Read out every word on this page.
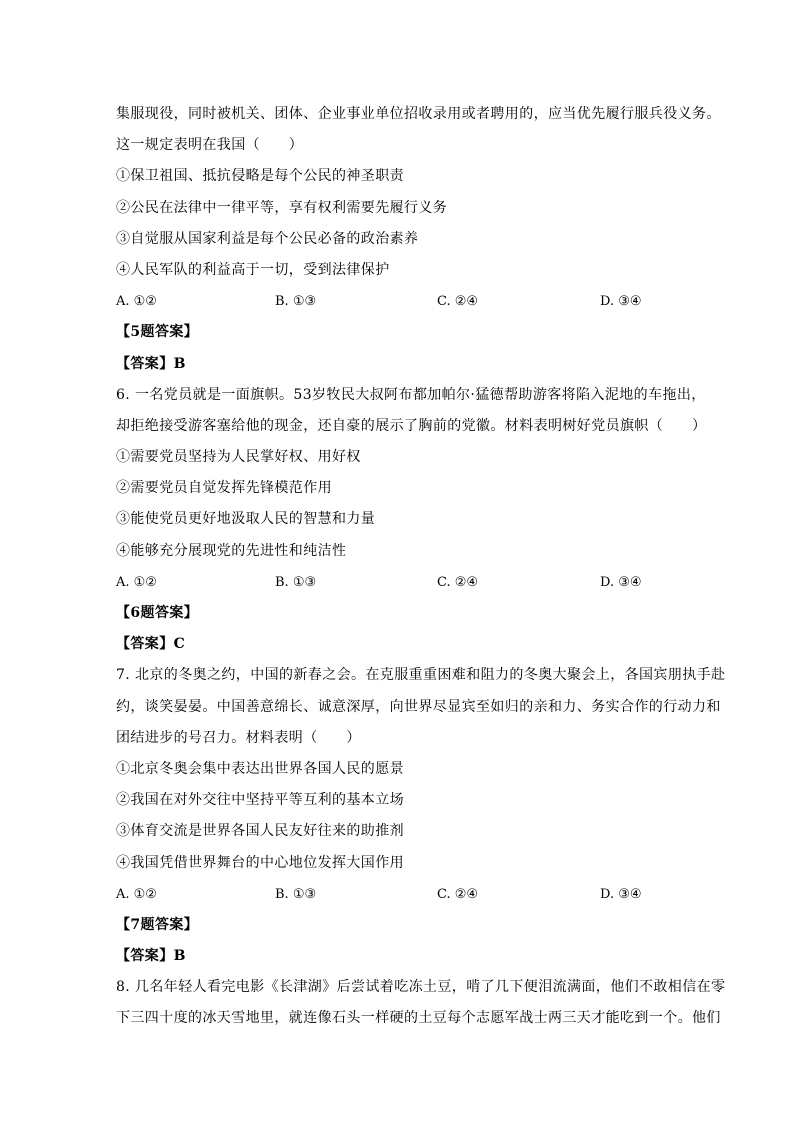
集服现役，同时被机关、团体、企业事业单位招收录用或者聘用的，应当优先履行服兵役义务。
这一规定表明在我国（　　）
①保卫祖国、抵抗侵略是每个公民的神圣职责
②公民在法律中一律平等，享有权利需要先履行义务
③自觉服从国家利益是每个公民必备的政治素养
④人民军队的利益高于一切，受到法律保护
A. ①②	B. ①③	C. ②④	D. ③④
【5题答案】
【答案】B
6. 一名党员就是一面旗帜。53岁牧民大叔阿布都加帕尔·猛德帮助游客将陷入泥地的车拖出，
却拒绝接受游客塞给他的现金，还自豪的展示了胸前的党徽。材料表明树好党员旗帜（　　）
①需要党员坚持为人民掌好权、用好权
②需要党员自觉发挥先锋模范作用
③能使党员更好地汲取人民的智慧和力量
④能够充分展现党的先进性和纯洁性
A. ①②	B. ①③	C. ②④	D. ③④
【6题答案】
【答案】C
7. 北京的冬奥之约，中国的新春之会。在克服重重困难和阻力的冬奥大聚会上，各国宾朋执手赴
约，谈笑晏晏。中国善意绵长、诚意深厚，向世界尽显宾至如归的亲和力、务实合作的行动力和
团结进步的号召力。材料表明（　　）
①北京冬奥会集中表达出世界各国人民的愿景
②我国在对外交往中坚持平等互利的基本立场
③体育交流是世界各国人民友好往来的助推剂
④我国凭借世界舞台的中心地位发挥大国作用
A. ①②	B. ①③	C. ②④	D. ③④
【7题答案】
【答案】B
8. 几名年轻人看完电影《长津湖》后尝试着吃冻土豆，啃了几下便泪流满面，他们不敢相信在零
下三四十度的冰天雪地里，就连像石头一样硬的土豆每个志愿军战士两三天才能吃到一个。他们
